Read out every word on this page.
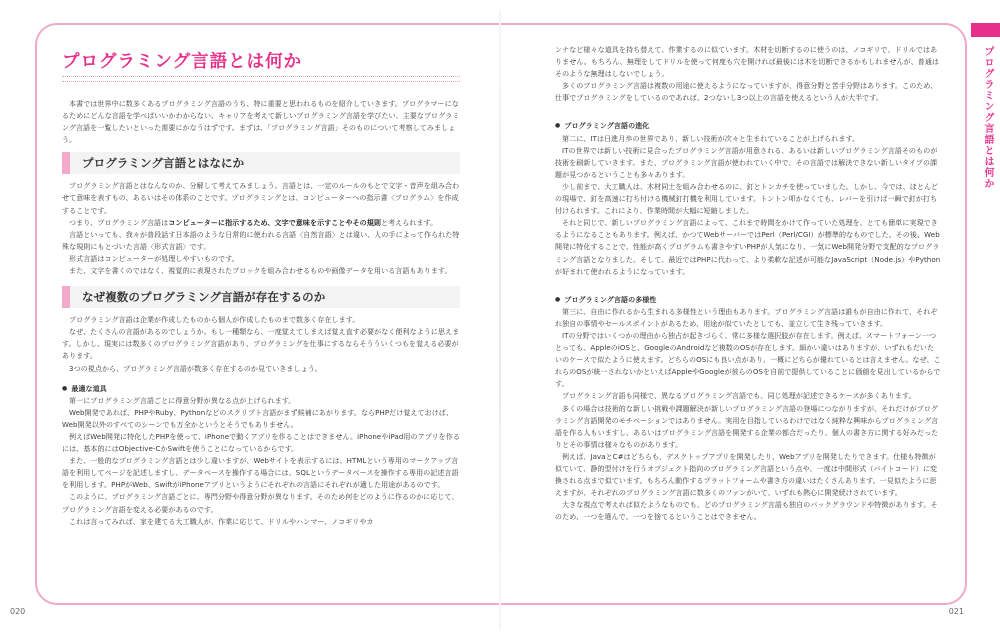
プログラミング言語とは何か
プログラミング言語とは何か

本書では世界中に数多くあるプログラミング言語のうち、特に重要と思われるものを紹介していきます。プログラマーになるためにどんな言語を学べばいいかわからない、キャリアを考えて新しいプログラミング言語を学びたい、主要なプログラミング言語を一覧したいといった需要にかなうはずです。まずは、「プログラミング言語」そのものについて考察してみましょう。

プログラミング言語とはなにか

プログラミング言語とはなんなのか、分解して考えてみましょう。言語とは、一定のルールのもとで文字・音声を組み合わせて意味を表すもの、あるいはその体系のことです。プログラミングとは、コンピューターへの指示書〈プログラム〉を作成することです。

つまり、プログラミング言語はコンピューターに指示するため、文字で意味を示すことやその規則と考えられます。

言語といっても、我々が普段話す日本語のような日常的に使われる言語〈自然言語〉とは違い、人の手によって作られた特殊な規則にもとづいた言語〈形式言語〉です。

形式言語はコンピューターが処理しやすいものです。

また、文字を書くのではなく、視覚的に表現されたブロックを組み合わせるものや画像データを用いる言語もあります。

なぜ複数のプログラミング言語が存在するのか

プログラミング言語は企業が作成したものから個人が作成したものまで数多く存在します。

なぜ、たくさんの言語があるのでしょうか。もし一種類なら、一度覚えてしまえば覚え直す必要がなく便利なように思えます。しかし、現実には数多くのプログラミング言語があり、プログラミングを仕事にするならそうういくつもを覚える必要があります。

3つの視点から、プログラミング言語が数多く存在するのか見ていきましょう。

● 最適な道具

第一にプログラミング言語ごとに得意分野が異なる点が上げられます。

Web開発であれば、PHPやRuby、Pythonなどのスクリプト言語がまず候補にあがります。ならPHPだけ覚えておけば、Web開発以外のすべてのシーンでも万全かというとそうでもありません。

例えばWeb開発に特化したPHPを使って、iPhoneで動くアプリを作ることはできません。iPhoneやiPad用のアプリを作るには、基本的にはObjective-CかSwiftを使うことになっているからです。

また、一般的なプログラミング言語とは少し違いますが、Webサイトを表示するには、HTMLという専用のマークアップ言語を利用してページを記述しますし、データベースを操作する場合には、SQLというデータベースを操作する専用の記述言語を利用します。PHPがWeb、SwiftがiPhoneアプリというようにそれぞれの言語にそれぞれが適した用途があるのです。

このように、プログラミング言語ごとに、専門分野や得意分野が異なります。そのため何をどのように作るのかに応じて、プログラミング言語を変える必要があるのです。

これは言ってみれば、家を建てる大工職人が、作業に応じて、ドリルやハンマー、ノコギリやカ

ンナなど様々な道具を持ち替えて、作業するのに似ています。木材を切断するのに使うのは、ノコギリで、ドリルではありません。もちろん、無理をしてドリルを使って何度も穴を開ければ最後には木を切断できるかもしれませんが、普通はそのような無理はしないでしょう。

多くのプログラミング言語は複数の用途に使えるようになっていますが、得意分野と苦手分野はあります。このため、仕事でプログラミングをしているのであれば、2つないし3つ以上の言語を使えるという人が大半です。

● プログラミング言語の進化

第二に、ITは日進月歩の世界であり、新しい技術が次々と生まれていることが上げられます。

ITの世界では新しい技術に見合ったプログラミング言語が用意される、あるいは新しいプログラミング言語そのものが技術を刷新していきます。また、プログラミング言語が使われていく中で、その言語では解決できない新しいタイプの課題が見つかるということも多々あります。

少し前まで、大工職人は、木材同士を組み合わせるのに、釘とトンカチを使っていました。しかし、今では、ほとんどの現場で、釘を高速に打ち付ける機械釘打機を利用しています。トントン叩かなくても、レバーを引けば一瞬で釘が打ち付けられます。これにより、作業時間が大幅に短縮しました。

それと同じで、新しいプログラミング言語によって、これまで時間をかけて作っていた処理を、とても簡単に実現できるようになることもあります。例えば、かつてWebサーバーではPerl（Perl/CGI）が標準的なものでした。その後、Web開発に特化することで、性能が高くプログラムも書きやすいPHPが人気になり、一気にWeb開発分野で支配的なプログラミング言語となりました。そして、最近ではPHPに代わって、より柔軟な記述が可能なJavaScript（Node.js）やPythonが好まれて使われるようになっています。

● プログラミング言語の多様性

第三に、自由に作れるから生まれる多様性という理由もあります。プログラミング言語は誰もが自由に作れて、それぞれ独自の事情やセールスポイントがあるため、用途が似ていたとしても、並立して生き残っていきます。

ITの分野ではいくつかの理由から独占が起きづらく、常に多様な選択肢が存在します。例えば、スマートフォーン一つとっても、AppleのiOSと、GoogleのAndroidなど複数のOSが存在します。細かい違いはありますが、いずれもだいたいのケースで似たように使えます。どちらのOSにも良い点があり、一概にどちらが優れているとは言えません。なぜ、これらのOSが統一されないかといえばAppleやGoogleが彼らのOSを自前で提供していることに価値を見出しているからです。

プログラミング言語も同様で、異なるプログラミング言語でも、同じ処理が記述できるケースが多くあります。

多くの場合は技術的な新しい挑戦や課題解決が新しいプログラミング言語の登場につながりますが、それだけがプログラミング言語開発のモチベーションではありません。実用を目指しているわけではなく純粋な興味からプログラミング言語を作る人もいますし、あるいはプログラミング言語を開発する企業の都合だったり、個人の書き方に関する好みだったりとその事情は様々なものがあります。

例えば、JavaとC#はどちらも、デスクトップアプリを開発したり、Webアプリを開発したりできます。仕様も特徴が似ていて、静的型付けを行うオブジェクト指向のプログラミング言語という点や、一度は中間形式（バイトコード）に変換される点まで似ています。もちろん動作するプラットフォームや書き方の違いはたくさんあります。一見似たように思えますが、それぞれのプログラミング言語に数多くのファンがいて、いずれも熱心に開発続けされています。

大きな視点で考えれば似たようなものでも、どのプログラミング言語も独自のバックグラウンドや特徴があります。そのため、一つを選んで、一つを捨てるということはできません。

020	021
